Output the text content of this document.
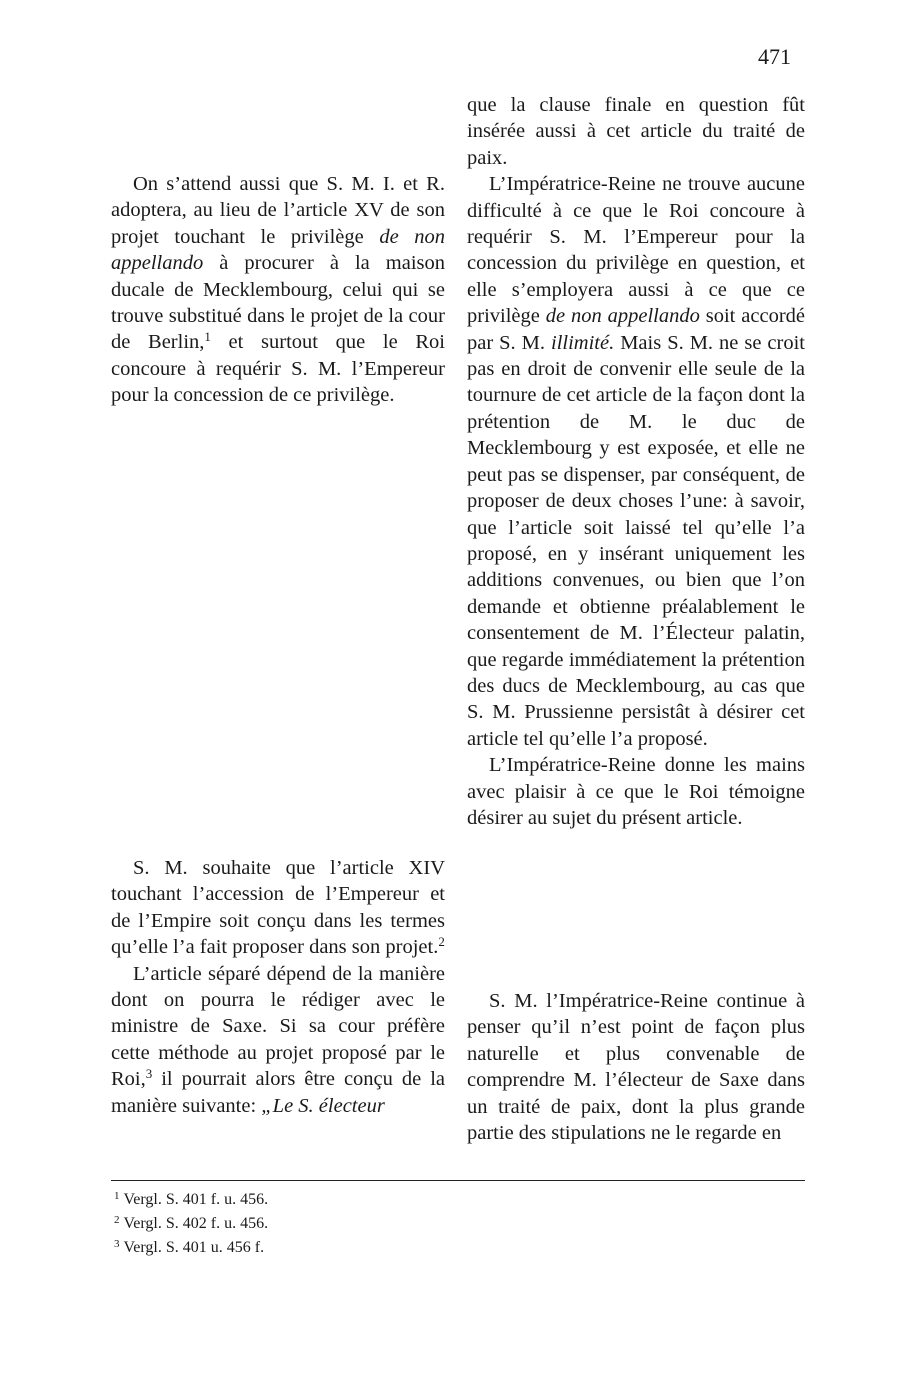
471

On s’attend aussi que S. M. I. et R. adoptera, au lieu de l’article XV de son projet touchant le privilège de non appellando à procurer à la maison ducale de Mecklembourg, celui qui se trouve substitué dans le projet de la cour de Berlin,$^1$ et surtout que le Roi concoure à requérir S. M. l’Empereur pour la concession de ce privilège.

S. M. souhaite que l’article XIV touchant l’accession de l’Empereur et de l’Empire soit conçu dans les termes qu’elle l’a fait proposer dans son projet.$^2$

L’article séparé dépend de la manière dont on pourra le rédiger avec le ministre de Saxe. Si sa cour préfère cette méthode au projet proposé par le Roi,$^3$ il pourrait alors être conçu de la manière suivante: „Le S. électeur

que la clause finale en question fût insérée aussi à cet article du traité de paix.

L’Impératrice-Reine ne trouve aucune difficulté à ce que le Roi concoure à requérir S. M. l’Empereur pour la concession du privilège en question, et elle s’employera aussi à ce que ce privilège de non appellando soit accordé par S. M. illimité. Mais S. M. ne se croit pas en droit de convenir elle seule de la tournure de cet article de la façon dont la prétention de M. le duc de Mecklembourg y est exposée, et elle ne peut pas se dispenser, par conséquent, de proposer de deux choses l’une: à savoir, que l’article soit laissé tel qu’elle l’a proposé, en y insérant uniquement les additions convenues, ou bien que l’on demande et obtienne préalablement le consentement de M. l’Électeur palatin, que regarde immédiatement la prétention des ducs de Mecklembourg, au cas que S. M. Prussienne persistât à désirer cet article tel qu’elle l’a proposé.

L’Impératrice-Reine donne les mains avec plaisir à ce que le Roi témoigne désirer au sujet du présent article.

S. M. l’Impératrice-Reine continue à penser qu’il n’est point de façon plus naturelle et plus convenable de comprendre M. l’électeur de Saxe dans un traité de paix, dont la plus grande partie des stipulations ne le regarde en

$^1$ Vergl. S. 401 f. u. 456.
$^2$ Vergl. S. 402 f. u. 456.
$^3$ Vergl. S. 401 u. 456 f.
